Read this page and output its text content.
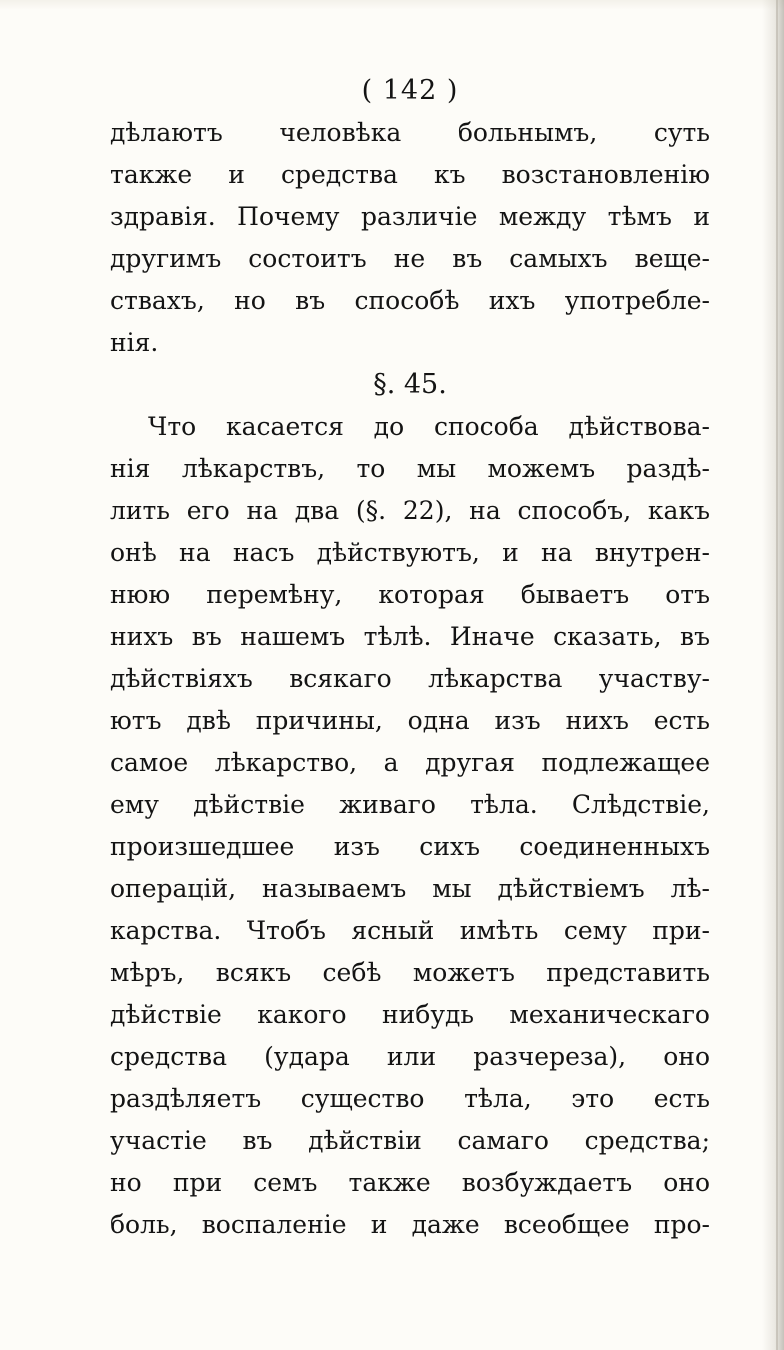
( 142 )
дѣлаютъ человѣка больнымъ, суть
также и средства къ возстановленію
здравія. Почему различіе между тѣмъ и
другимъ состоитъ не въ самыхъ веще-
ствахъ, но въ способѣ ихъ употребле-
нія.
§. 45.
Что касается до способа дѣйствова-
нія лѣкарствъ, то мы можемъ раздѣ-
лить его на два (§. 22), на способъ, какъ
онѣ на насъ дѣйствуютъ, и на внутрен-
нюю перемѣну, которая бываетъ отъ
нихъ въ нашемъ тѣлѣ. Иначе сказать, въ
дѣйствіяхъ всякаго лѣкарства участву-
ютъ двѣ причины, одна изъ нихъ есть
самое лѣкарство, а другая подлежащее
ему дѣйствіе живаго тѣла. Слѣдствіе,
произшедшее изъ сихъ соединенныхъ
операцій, называемъ мы дѣйствіемъ лѣ-
карства. Чтобъ ясный имѣть сему при-
мѣръ, всякъ себѣ можетъ представить
дѣйствіе какого нибудь механическаго
средства (удара или разчереза), оно
раздѣляетъ существо тѣла, это есть
участіе въ дѣйствіи самаго средства;
но при семъ также возбуждаетъ оно
боль, воспаленіе и даже всеобщее про-
